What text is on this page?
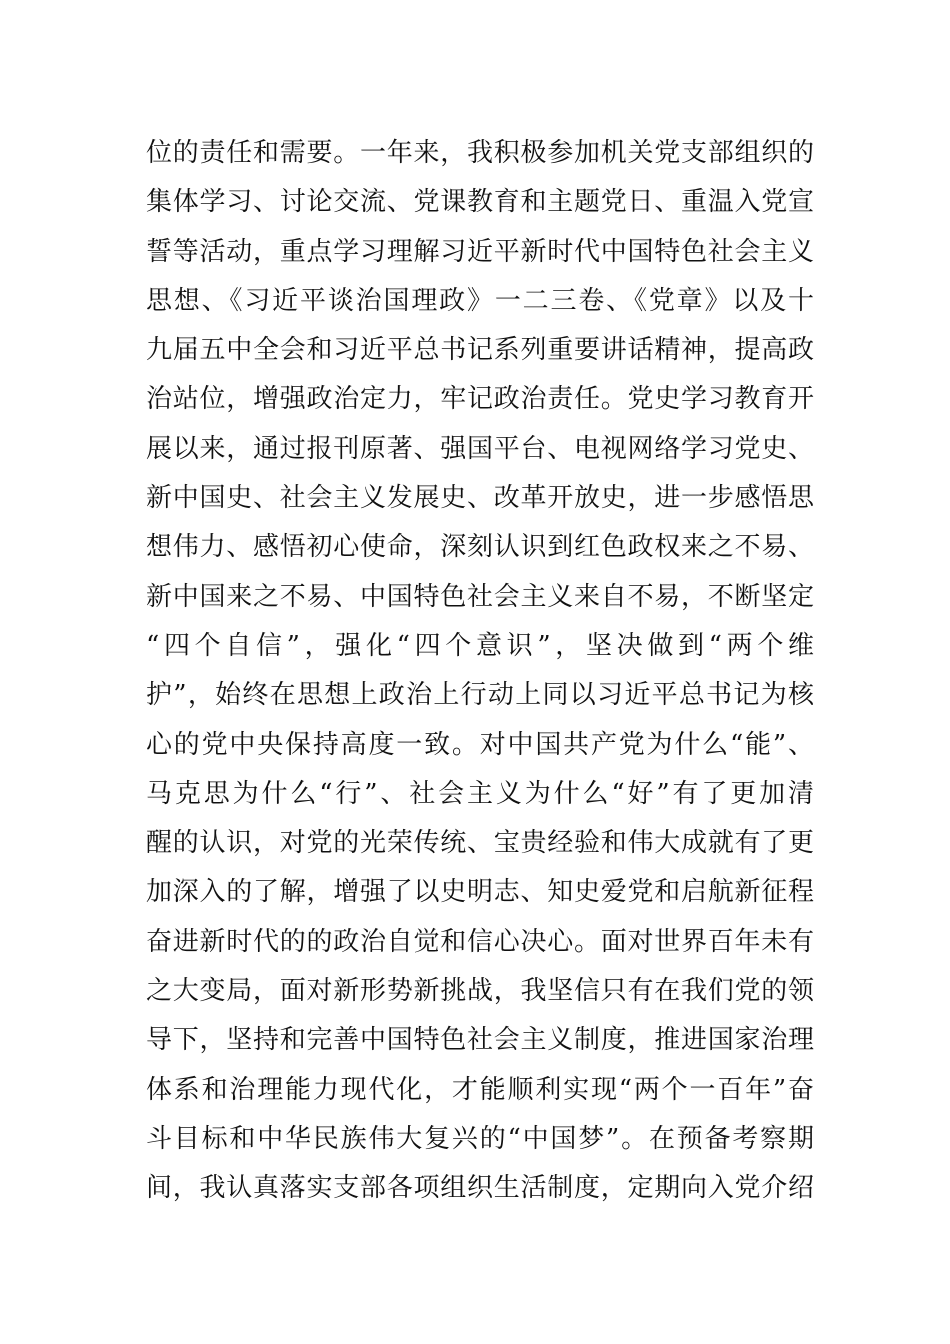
位的责任和需要。一年来，我积极参加机关党支部组织的
集体学习、讨论交流、党课教育和主题党日、重温入党宣
誓等活动，重点学习理解习近平新时代中国特色社会主义
思想、《习近平谈治国理政》一二三卷、《党章》以及十
九届五中全会和习近平总书记系列重要讲话精神，提高政
治站位，增强政治定力，牢记政治责任。党史学习教育开
展以来，通过报刊原著、强国平台、电视网络学习党史、
新中国史、社会主义发展史、改革开放史，进一步感悟思
想伟力、感悟初心使命，深刻认识到红色政权来之不易、
新中国来之不易、中国特色社会主义来自不易，不断坚定
“四个自信”，强化“四个意识”，坚决做到“两个维
护”，始终在思想上政治上行动上同以习近平总书记为核
心的党中央保持高度一致。对中国共产党为什么“能”、
马克思为什么“行”、社会主义为什么“好”有了更加清
醒的认识，对党的光荣传统、宝贵经验和伟大成就有了更
加深入的了解，增强了以史明志、知史爱党和启航新征程
奋进新时代的的政治自觉和信心决心。面对世界百年未有
之大变局，面对新形势新挑战，我坚信只有在我们党的领
导下，坚持和完善中国特色社会主义制度，推进国家治理
体系和治理能力现代化，才能顺利实现“两个一百年”奋
斗目标和中华民族伟大复兴的“中国梦”。在预备考察期
间，我认真落实支部各项组织生活制度，定期向入党介绍
